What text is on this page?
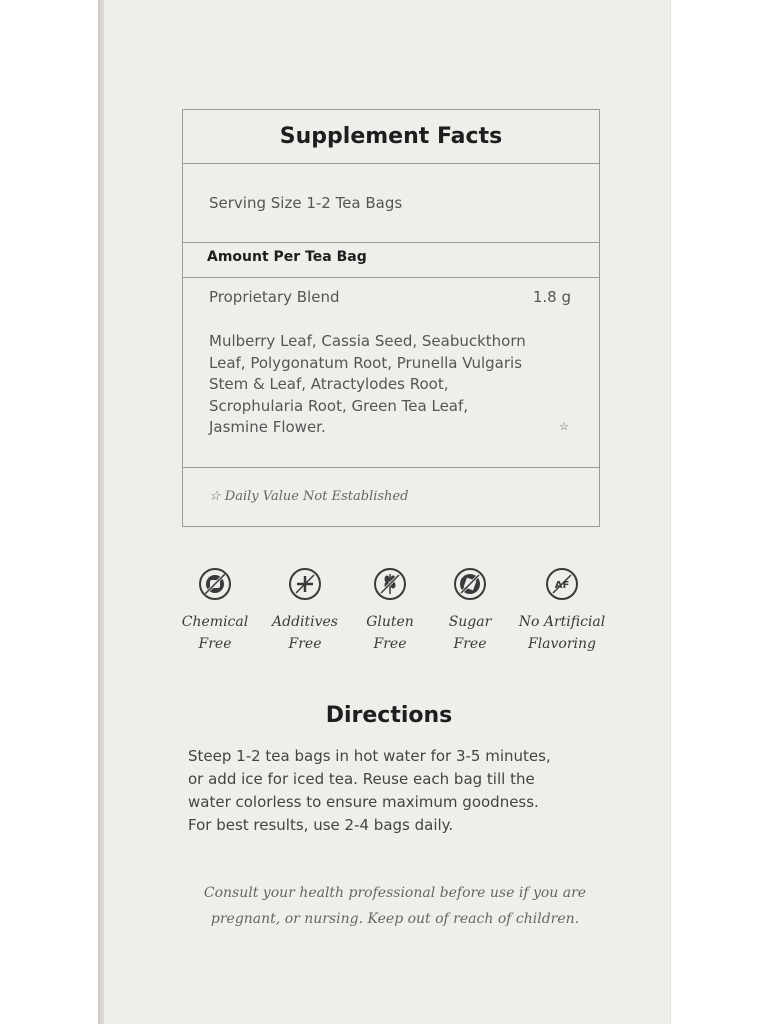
Supplement Facts
Serving Size 1-2 Tea Bags
Amount Per Tea Bag
Proprietary Blend	1.8 g
Mulberry Leaf, Cassia Seed, Seabuckthorn
Leaf, Polygonatum Root, Prunella Vulgaris
Stem & Leaf, Atractylodes Root,
Scrophularia Root, Green Tea Leaf,
Jasmine Flower.	☆
☆ Daily Value Not Established
Chemical
Free
Additives
Free
Gluten
Free
Sugar
Free
AF
No Artificial
Flavoring
Directions
Steep 1-2 tea bags in hot water for 3-5 minutes,
or add ice for iced tea. Reuse each bag till the
water colorless to ensure maximum goodness.
For best results, use 2-4 bags daily.
Consult your health professional before use if you are
pregnant, or nursing. Keep out of reach of children.
